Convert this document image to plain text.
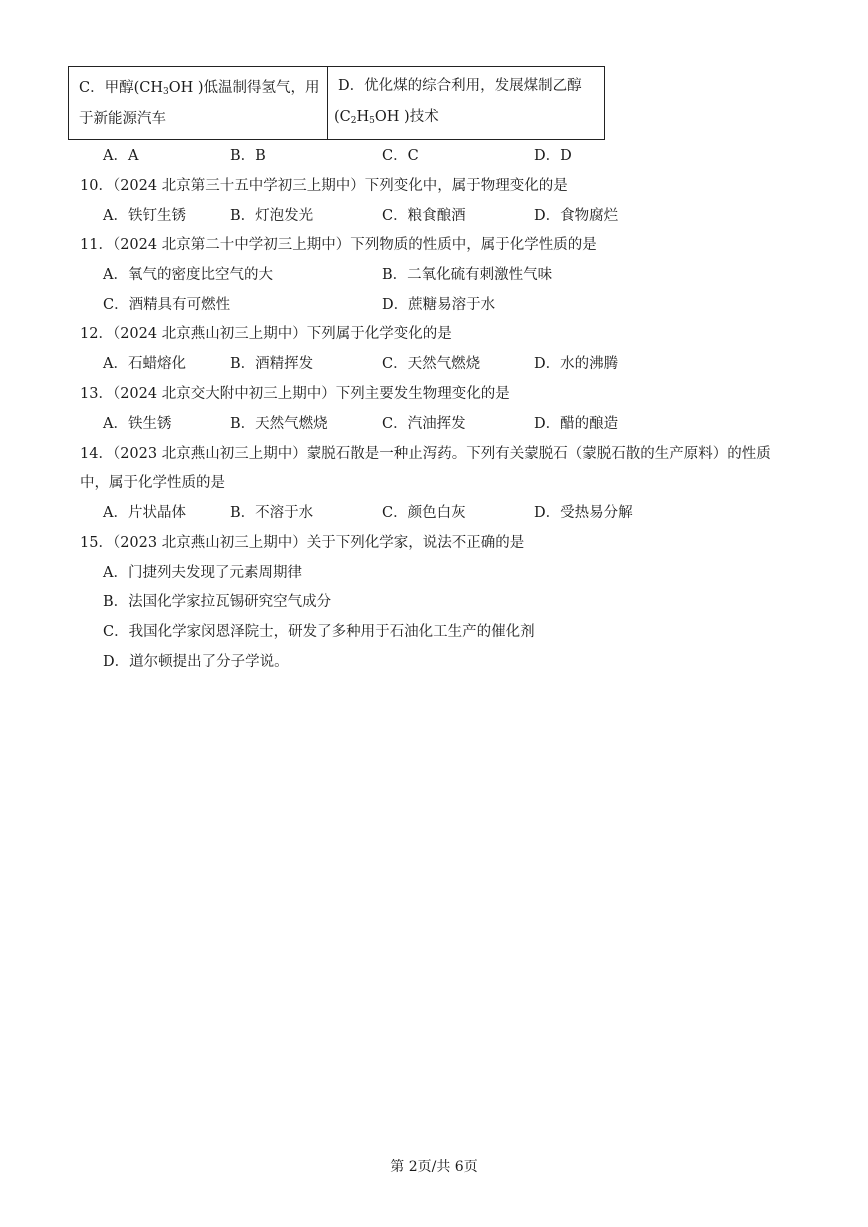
C．甲醇($CH_3OH$ )低温制得氢气，用
于新能源汽车
D．优化煤的综合利用，发展煤制乙醇
($C_2H_5OH$ )技术
A．A	B．B	C．C	D．D
10．（2024 北京第三十五中学初三上期中）下列变化中，属于物理变化的是
A．铁钉生锈	B．灯泡发光	C．粮食酿酒	D．食物腐烂
11．（2024 北京第二十中学初三上期中）下列物质的性质中，属于化学性质的是
A．氧气的密度比空气的大	B．二氧化硫有刺激性气味
C．酒精具有可燃性	D．蔗糖易溶于水
12．（2024 北京燕山初三上期中）下列属于化学变化的是
A．石蜡熔化	B．酒精挥发	C．天然气燃烧	D．水的沸腾
13．（2024 北京交大附中初三上期中）下列主要发生物理变化的是
A．铁生锈	B．天然气燃烧	C．汽油挥发	D．醋的酿造
14．（2023 北京燕山初三上期中）蒙脱石散是一种止泻药。下列有关蒙脱石（蒙脱石散的生产原料）的性质
中，属于化学性质的是
A．片状晶体	B．不溶于水	C．颜色白灰	D．受热易分解
15．（2023 北京燕山初三上期中）关于下列化学家，说法不正确的是
A．门捷列夫发现了元素周期律
B．法国化学家拉瓦锡研究空气成分
C．我国化学家闵恩泽院士，研发了多种用于石油化工生产的催化剂
D．道尔顿提出了分子学说。
第 2页/共 6页
